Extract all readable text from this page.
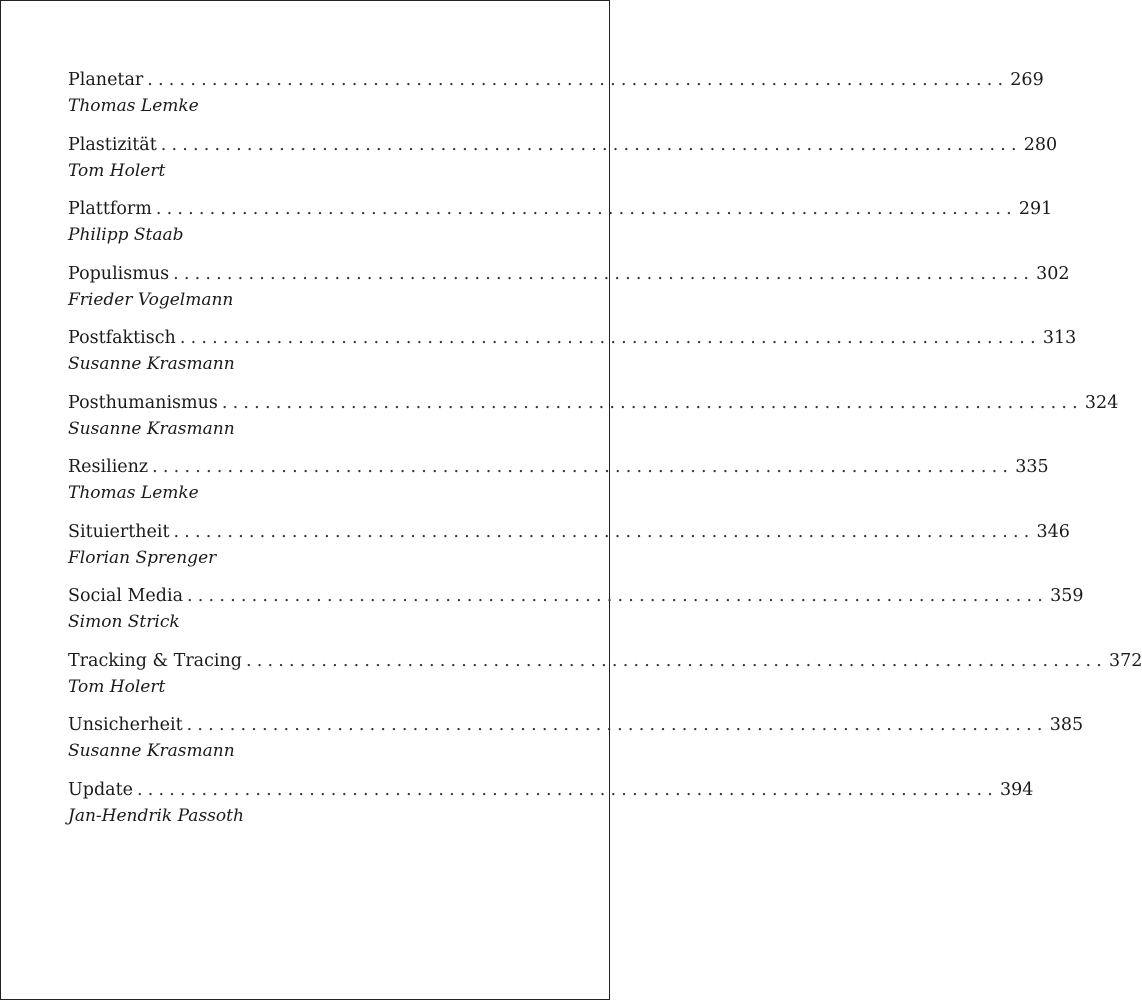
Planetar ................................................................................ 269
Thomas Lemke
Plastizität ................................................................................ 280
Tom Holert
Plattform ................................................................................ 291
Philipp Staab
Populismus ................................................................................ 302
Frieder Vogelmann
Postfaktisch ................................................................................ 313
Susanne Krasmann
Posthumanismus ................................................................................ 324
Susanne Krasmann
Resilienz ................................................................................ 335
Thomas Lemke
Situiertheit ................................................................................ 346
Florian Sprenger
Social Media ................................................................................ 359
Simon Strick
Tracking & Tracing ................................................................................ 372
Tom Holert
Unsicherheit ................................................................................ 385
Susanne Krasmann
Update ................................................................................ 394
Jan-Hendrik Passoth
